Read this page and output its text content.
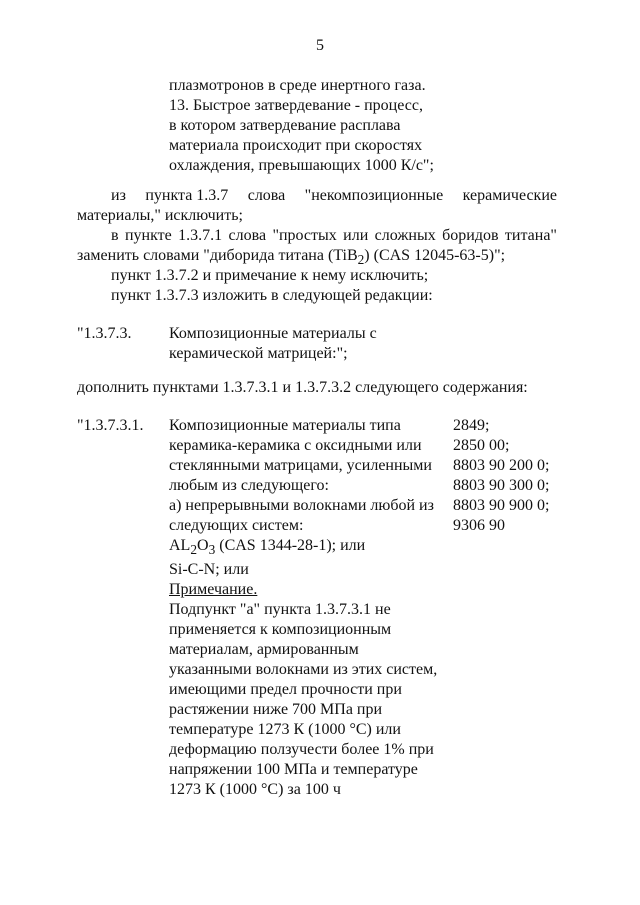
5
плазмотронов в среде инертного газа.
13. Быстрое затвердевание - процесс,
в котором затвердевание расплава
материала происходит при скоростях
охлаждения, превышающих 1000 К/с";
из пункта 1.3.7 слова "некомпозиционные керамические
материалы," исключить;
в пункте 1.3.7.1 слова "простых или сложных боридов титана"
заменить словами "диборида титана (TiB$_2$) (CAS 12045-63-5)";
пункт 1.3.7.2 и примечание к нему исключить;
пункт 1.3.7.3 изложить в следующей редакции:
"1.3.7.3. Композиционные материалы с
керамической матрицей:";
дополнить пунктами 1.3.7.3.1 и 1.3.7.3.2 следующего содержания:
"1.3.7.3.1. Композиционные материалы типа
керамика-керамика с оксидными или
стеклянными матрицами, усиленными
любым из следующего:
а) непрерывными волокнами любой из
следующих систем:
$AL_2O_3$ (CAS 1344-28-1); или
Si-C-N; или
2849;
2850 00;
8803 90 200 0;
8803 90 300 0;
8803 90 900 0;
9306 90
Примечание.
Подпункт "а" пункта 1.3.7.3.1 не
применяется к композиционным
материалам, армированным
указанными волокнами из этих систем,
имеющими предел прочности при
растяжении ниже 700 МПа при
температуре 1273 К (1000 °С) или
деформацию ползучести более 1% при
напряжении 100 МПа и температуре
1273 К (1000 °С) за 100 ч
